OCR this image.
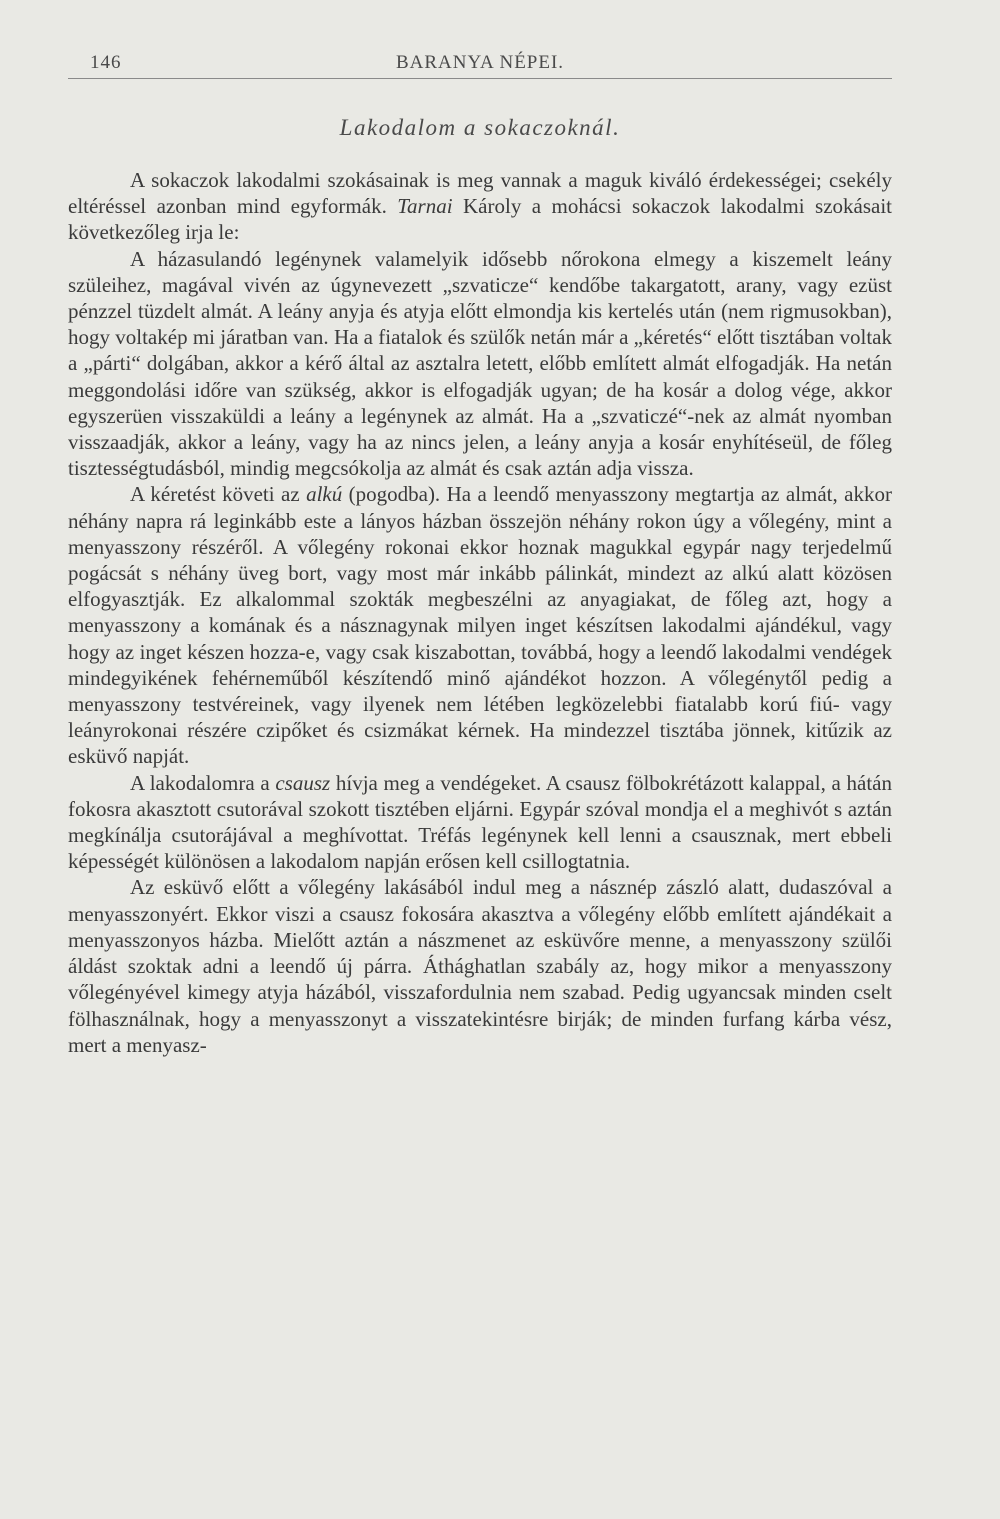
146	BARANYA NÉPEI.
Lakodalom a sokaczoknál.

A sokaczok lakodalmi szokásainak is meg vannak a maguk kiváló érdekességei; csekély eltéréssel azonban mind egyformák. Tarnai Károly a mohácsi sokaczok lakodalmi szokásait következőleg irja le:

A házasulandó legénynek valamelyik idősebb nőrokona elmegy a kiszemelt leány szüleihez, magával vivén az úgynevezett „szvaticze“ kendőbe takargatott, arany, vagy ezüst pénzzel tüzdelt almát. A leány anyja és atyja előtt elmondja kis kertelés után (nem rigmusokban), hogy voltakép mi járatban van. Ha a fiatalok és szülők netán már a „kéretés“ előtt tisztában voltak a „párti“ dolgában, akkor a kérő által az asztalra letett, előbb említett almát elfogadják. Ha netán meggondolási időre van szükség, akkor is elfogadják ugyan; de ha kosár a dolog vége, akkor egyszerüen visszaküldi a leány a legénynek az almát. Ha a „szvaticzé“-nek az almát nyomban visszaadják, akkor a leány, vagy ha az nincs jelen, a leány anyja a kosár enyhítéseül, de főleg tisztességtudásból, mindig megcsókolja az almát és csak aztán adja vissza.

A kéretést követi az alkú (pogodba). Ha a leendő menyasszony megtartja az almát, akkor néhány napra rá leginkább este a lányos házban összejön néhány rokon úgy a vőlegény, mint a menyasszony részéről. A vőlegény rokonai ekkor hoznak magukkal egypár nagy terjedelmű pogácsát s néhány üveg bort, vagy most már inkább pálinkát, mindezt az alkú alatt közösen elfogyasztják. Ez alkalommal szokták megbeszélni az anyagiakat, de főleg azt, hogy a menyasszony a komának és a násznagynak milyen inget készítsen lakodalmi ajándékul, vagy hogy az inget készen hozza-e, vagy csak kiszabottan, továbbá, hogy a leendő lakodalmi vendégek mindegyikének fehérneműből készítendő minő ajándékot hozzon. A vőlegénytől pedig a menyasszony testvéreinek, vagy ilyenek nem létében legközelebbi fiatalabb korú fiú- vagy leányrokonai részére czipőket és csizmákat kérnek. Ha mindezzel tisztába jönnek, kitűzik az esküvő napját.

A lakodalomra a csausz hívja meg a vendégeket. A csausz fölbokrétázott kalappal, a hátán fokosra akasztott csutorával szokott tisztében eljárni. Egypár szóval mondja el a meghivót s aztán megkínálja csutorájával a meghívottat. Tréfás legénynek kell lenni a csausznak, mert ebbeli képességét különösen a lakodalom napján erősen kell csillogtatnia.

Az esküvő előtt a vőlegény lakásából indul meg a násznép zászló alatt, dudaszóval a menyasszonyért. Ekkor viszi a csausz fokosára akasztva a vőlegény előbb említett ajándékait a menyasszonyos házba. Mielőtt aztán a nászmenet az esküvőre menne, a menyasszony szülői áldást szoktak adni a leendő új párra. Áthághatlan szabály az, hogy mikor a menyasszony vőlegényével kimegy atyja házából, visszafordulnia nem szabad. Pedig ugyancsak minden cselt fölhasználnak, hogy a menyasszonyt a visszatekintésre birják; de minden furfang kárba vész, mert a menyasz-
